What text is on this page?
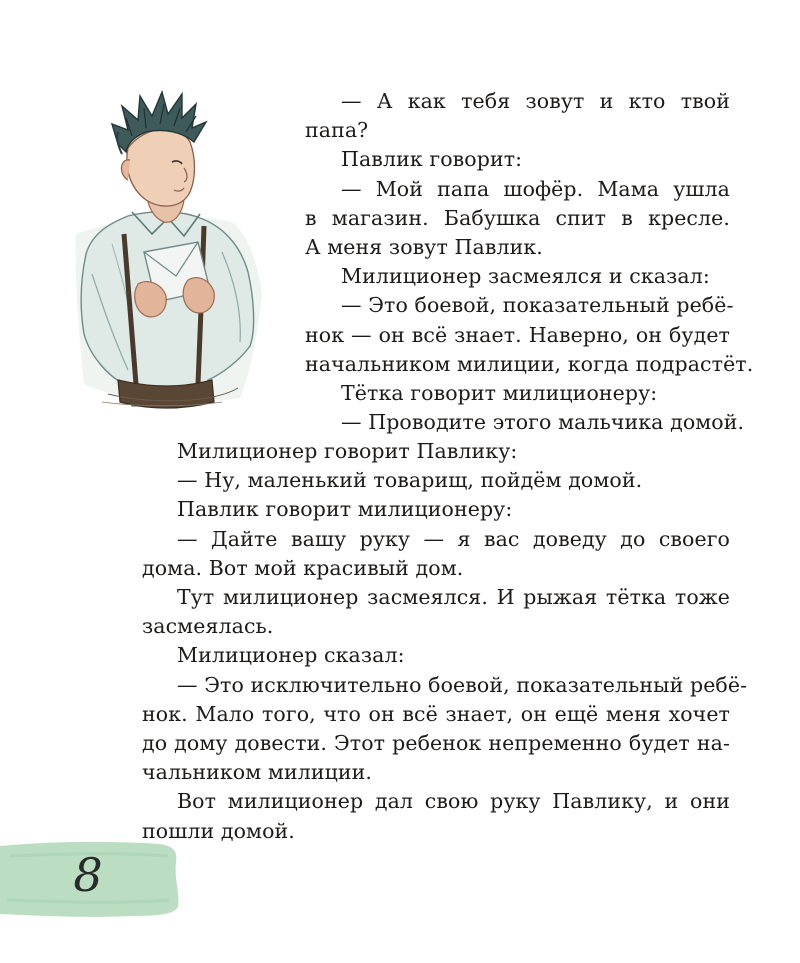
— А как тебя зовут и кто твой
папа?
Павлик говорит:
— Мой папа шофёр. Мама ушла
в магазин. Бабушка спит в кресле.
А меня зовут Павлик.
Милиционер засмеялся и сказал:
— Это боевой, показательный ребё-
нок — он всё знает. Наверно, он будет
начальником милиции, когда подрастёт.
Тётка говорит милиционеру:
— Проводите этого мальчика домой.
Милиционер говорит Павлику:
— Ну, маленький товарищ, пойдём домой.
Павлик говорит милиционеру:
— Дайте вашу руку — я вас доведу до своего
дома. Вот мой красивый дом.
Тут милиционер засмеялся. И рыжая тётка тоже
засмеялась.
Милиционер сказал:
— Это исключительно боевой, показательный ребё-
нок. Мало того, что он всё знает, он ещё меня хочет
до дому довести. Этот ребенок непременно будет на-
чальником милиции.
Вот милиционер дал свою руку Павлику, и они
пошли домой.
8
